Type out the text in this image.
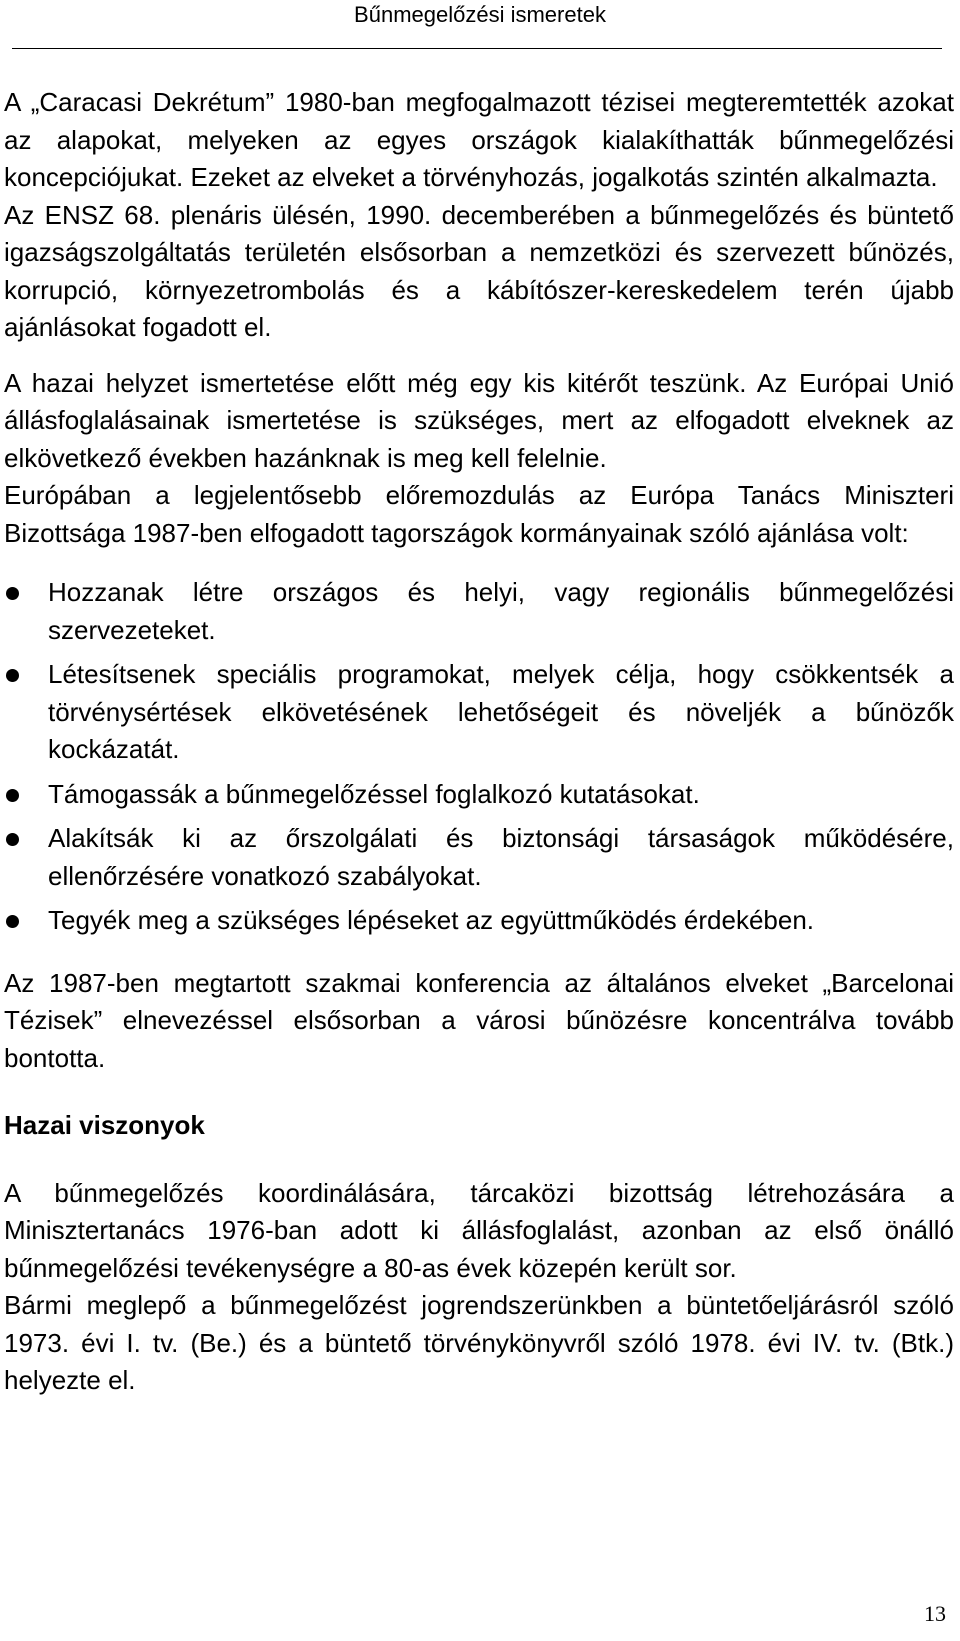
Bűnmegelőzési ismeretek

A „Caracasi Dekrétum” 1980-ban megfogalmazott tézisei megteremtették azokat az alapokat, melyeken az egyes országok kialakíthatták bűnmegelőzési koncepciójukat. Ezeket az elveket a törvényhozás, jogalkotás szintén alkalmazta.

Az ENSZ 68. plenáris ülésén, 1990. decemberében a bűnmegelőzés és büntető igazságszolgáltatás területén elsősorban a nemzetközi és szervezett bűnözés, korrupció, környezetrombolás és a kábítószer-kereskedelem terén újabb ajánlásokat fogadott el.

A hazai helyzet ismertetése előtt még egy kis kitérőt teszünk. Az Európai Unió állásfoglalásainak ismertetése is szükséges, mert az elfogadott elveknek az elkövetkező években hazánknak is meg kell felelnie.

Európában a legjelentősebb előremozdulás az Európa Tanács Miniszteri Bizottsága 1987-ben elfogadott tagországok kormányainak szóló ajánlása volt:

Hozzanak létre országos és helyi, vagy regionális bűnmegelőzési szervezeteket.
Létesítsenek speciális programokat, melyek célja, hogy csökkentsék a törvénysértések elkövetésének lehetőségeit és növeljék a bűnözők kockázatát.
Támogassák a bűnmegelőzéssel foglalkozó kutatásokat.
Alakítsák ki az őrszolgálati és biztonsági társaságok működésére, ellenőrzésére vonatkozó szabályokat.
Tegyék meg a szükséges lépéseket az együttműködés érdekében.

Az 1987-ben megtartott szakmai konferencia az általános elveket „Barcelonai Tézisek” elnevezéssel elsősorban a városi bűnözésre koncentrálva tovább bontotta.

Hazai viszonyok

A bűnmegelőzés koordinálására, tárcaközi bizottság létrehozására a Minisztertanács 1976-ban adott ki állásfoglalást, azonban az első önálló bűnmegelőzési tevékenységre a 80-as évek közepén került sor.

Bármi meglepő a bűnmegelőzést jogrendszerünkben a büntetőeljárásról szóló 1973. évi I. tv. (Be.) és a büntető törvénykönyvről szóló 1978. évi IV. tv. (Btk.) helyezte el.

13
